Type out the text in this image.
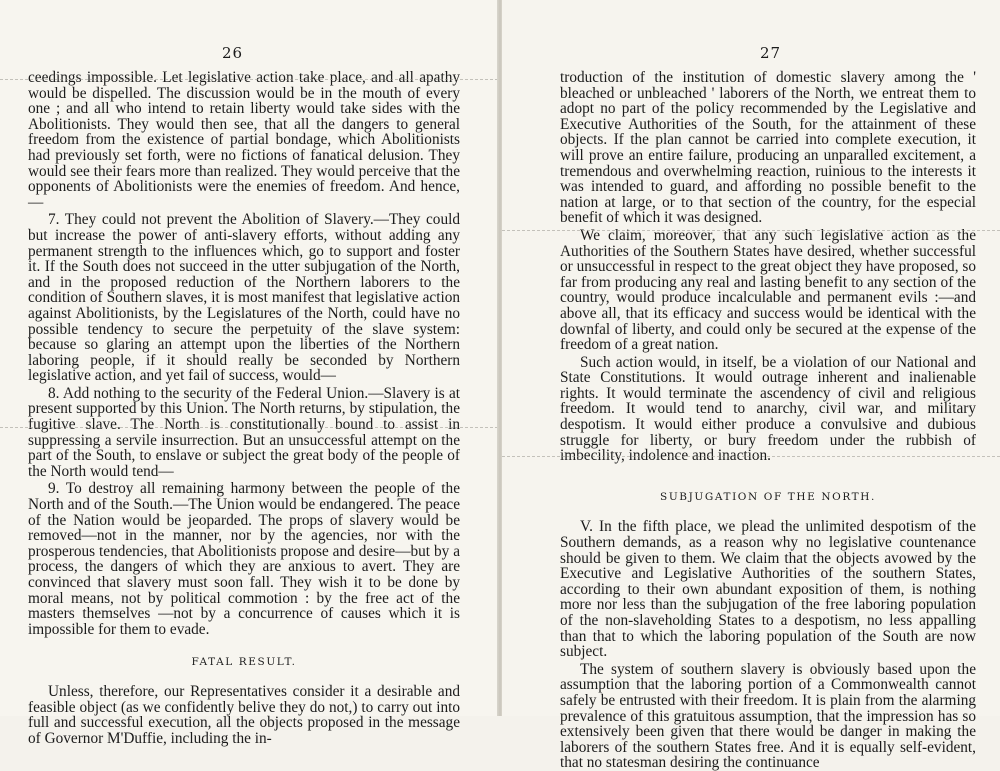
26

ceedings impossible. Let legislative action take place, and all apathy would be dispelled. The discussion would be in the mouth of every one ; and all who intend to retain liberty would take sides with the Abolitionists. They would then see, that all the dangers to general freedom from the existence of partial bondage, which Abolitionists had previously set forth, were no fictions of fanatical delusion. They would see their fears more than realized. They would perceive that the opponents of Abolitionists were the enemies of freedom. And hence,—

7. They could not prevent the Abolition of Slavery.—They could but increase the power of anti-slavery efforts, without adding any permanent strength to the influences which, go to support and foster it. If the South does not succeed in the utter subjugation of the North, and in the proposed reduction of the Northern laborers to the condition of Southern slaves, it is most manifest that legislative action against Abolitionists, by the Legislatures of the North, could have no possible tendency to secure the perpetuity of the slave system: because so glaring an attempt upon the liberties of the Northern laboring people, if it should really be seconded by Northern legislative action, and yet fail of success, would—

8. Add nothing to the security of the Federal Union.—Slavery is at present supported by this Union. The North returns, by stipulation, the fugitive slave. The North is constitutionally bound to assist in suppressing a servile insurrection. But an unsuccessful attempt on the part of the South, to enslave or subject the great body of the people of the North would tend—

9. To destroy all remaining harmony between the people of the North and of the South.—The Union would be endangered. The peace of the Nation would be jeoparded. The props of slavery would be removed—not in the manner, nor by the agencies, nor with the prosperous tendencies, that Abolitionists propose and desire—but by a process, the dangers of which they are anxious to avert. They are convinced that slavery must soon fall. They wish it to be done by moral means, not by political commotion : by the free act of the masters themselves —not by a concurrence of causes which it is impossible for them to evade.

FATAL RESULT.

Unless, therefore, our Representatives consider it a desirable and feasible object (as we confidently belive they do not,) to carry out into full and successful execution, all the objects proposed in the message of Governor M'Duffie, including the in-

27

troduction of the institution of domestic slavery among the ' bleached or unbleached ' laborers of the North, we entreat them to adopt no part of the policy recommended by the Legislative and Executive Authorities of the South, for the attainment of these objects. If the plan cannot be carried into complete execution, it will prove an entire failure, producing an unparalled excitement, a tremendous and overwhelming reaction, ruinious to the interests it was intended to guard, and affording no possible benefit to the nation at large, or to that section of the country, for the especial benefit of which it was designed.

We claim, moreover, that any such legislative action as the Authorities of the Southern States have desired, whether successful or unsuccessful in respect to the great object they have proposed, so far from producing any real and lasting benefit to any section of the country, would produce incalculable and permanent evils :—and above all, that its efficacy and success would be identical with the downfal of liberty, and could only be secured at the expense of the freedom of a great nation.

Such action would, in itself, be a violation of our National and State Constitutions. It would outrage inherent and inalienable rights. It would terminate the ascendency of civil and religious freedom. It would tend to anarchy, civil war, and military despotism. It would either produce a convulsive and dubious struggle for liberty, or bury freedom under the rubbish of imbecility, indolence and inaction.

SUBJUGATION OF THE NORTH.

V. In the fifth place, we plead the unlimited despotism of the Southern demands, as a reason why no legislative countenance should be given to them. We claim that the objects avowed by the Executive and Legislative Authorities of the southern States, according to their own abundant exposition of them, is nothing more nor less than the subjugation of the free laboring population of the non-slaveholding States to a despotism, no less appalling than that to which the laboring population of the South are now subject.

The system of southern slavery is obviously based upon the assumption that the laboring portion of a Commonwealth cannot safely be entrusted with their freedom. It is plain from the alarming prevalence of this gratuitous assumption, that the impression has so extensively been given that there would be danger in making the laborers of the southern States free. And it is equally self-evident, that no statesman desiring the continuance
